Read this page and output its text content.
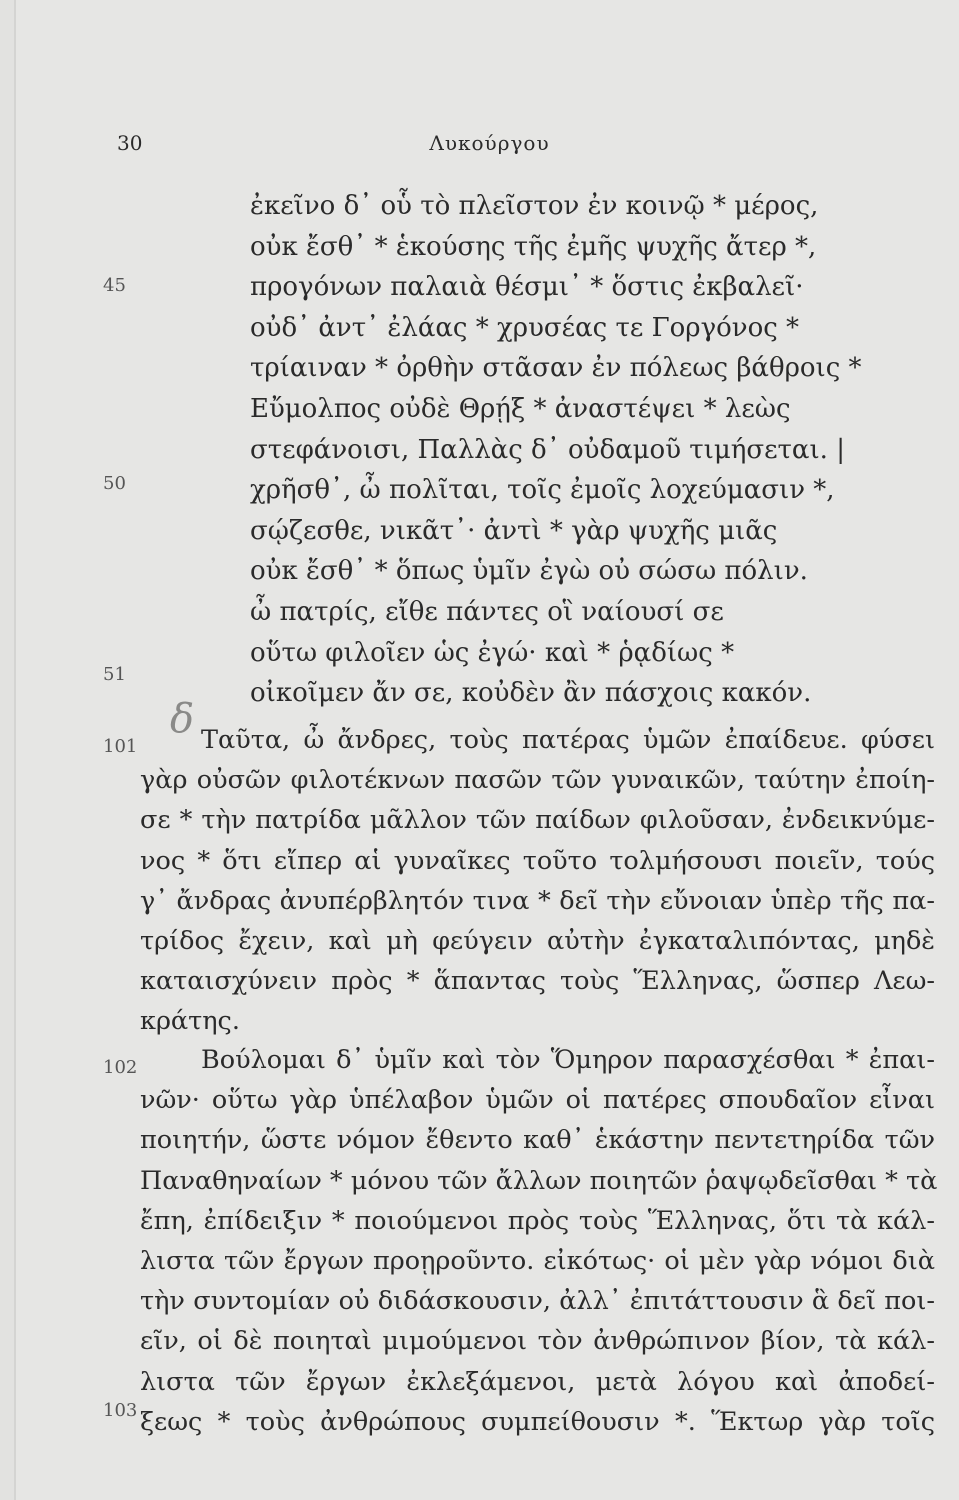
30	Λυκούργου
ἐκεῖνο δ᾿ οὗ τὸ πλεῖστον ἐν κοινῷ * μέρος,
οὐκ ἔσθ᾿ * ἑκούσης τῆς ἐμῆς ψυχῆς ἄτερ *,
προγόνων παλαιὰ θέσμι᾿ * ὅστις ἐκβαλεῖ·
οὐδ᾿ ἀντ᾿ ἐλάας * χρυσέας τε Γοργόνος *
τρίαιναν * ὀρθὴν στᾶσαν ἐν πόλεως βάθροις *
Εὔμολπος οὐδὲ Θρῄξ * ἀναστέψει * λεὼς
στεφάνοισι, Παλλὰς δ᾿ οὐδαμοῦ τιμήσεται. |
χρῆσθ᾿, ὦ πολῖται, τοῖς ἐμοῖς λοχεύμασιν *,
σῴζεσθε, νικᾶτ᾿· ἀντὶ * γὰρ ψυχῆς μιᾶς
οὐκ ἔσθ᾿ * ὅπως ὑμῖν ἐγὼ οὐ σώσω πόλιν.
ὦ πατρίς, εἴθε πάντες οἳ ναίουσί σε
οὕτω φιλοῖεν ὡς ἐγώ· καὶ * ῥᾳδίως *
οἰκοῖμεν ἄν σε, κοὐδὲν ἂν πάσχοις κακόν.
45
50
51
δ
101	Ταῦτα, ὦ ἄνδρες, τοὺς πατέρας ὑμῶν ἐπαίδευε. φύσει
γὰρ οὐσῶν φιλοτέκνων πασῶν τῶν γυναικῶν, ταύτην ἐποίη-
σε * τὴν πατρίδα μᾶλλον τῶν παίδων φιλοῦσαν, ἐνδεικνύμε-
νος * ὅτι εἴπερ αἱ γυναῖκες τοῦτο τολμήσουσι ποιεῖν, τούς
γ᾿ ἄνδρας ἀνυπέρβλητόν τινα * δεῖ τὴν εὔνοιαν ὑπὲρ τῆς πα-
τρίδος ἔχειν, καὶ μὴ φεύγειν αὐτὴν ἐγκαταλιπόντας, μηδὲ
καταισχύνειν πρὸς * ἅπαντας τοὺς Ἕλληνας, ὥσπερ Λεω-
κράτης.
102	Βούλομαι δ᾿ ὑμῖν καὶ τὸν Ὅμηρον παρασχέσθαι * ἐπαι-
νῶν· οὕτω γὰρ ὑπέλαβον ὑμῶν οἱ πατέρες σπουδαῖον εἶναι
ποιητήν, ὥστε νόμον ἔθεντο καθ᾿ ἑκάστην πεντετηρίδα τῶν
Παναθηναίων * μόνου τῶν ἄλλων ποιητῶν ῥαψῳδεῖσθαι * τὰ
ἔπη, ἐπίδειξιν * ποιούμενοι πρὸς τοὺς Ἕλληνας, ὅτι τὰ κάλ-
λιστα τῶν ἔργων προῃροῦντο. εἰκότως· οἱ μὲν γὰρ νόμοι διὰ
τὴν συντομίαν οὐ διδάσκουσιν, ἀλλ᾿ ἐπιτάττουσιν ἃ δεῖ ποι-
εῖν, οἱ δὲ ποιηταὶ μιμούμενοι τὸν ἀνθρώπινον βίον, τὰ κάλ-
λιστα τῶν ἔργων ἐκλεξάμενοι, μετὰ λόγου καὶ ἀποδεί-
ξεως * τοὺς ἀνθρώπους συμπείθουσιν *. Ἕκτωρ γὰρ τοῖς
103
